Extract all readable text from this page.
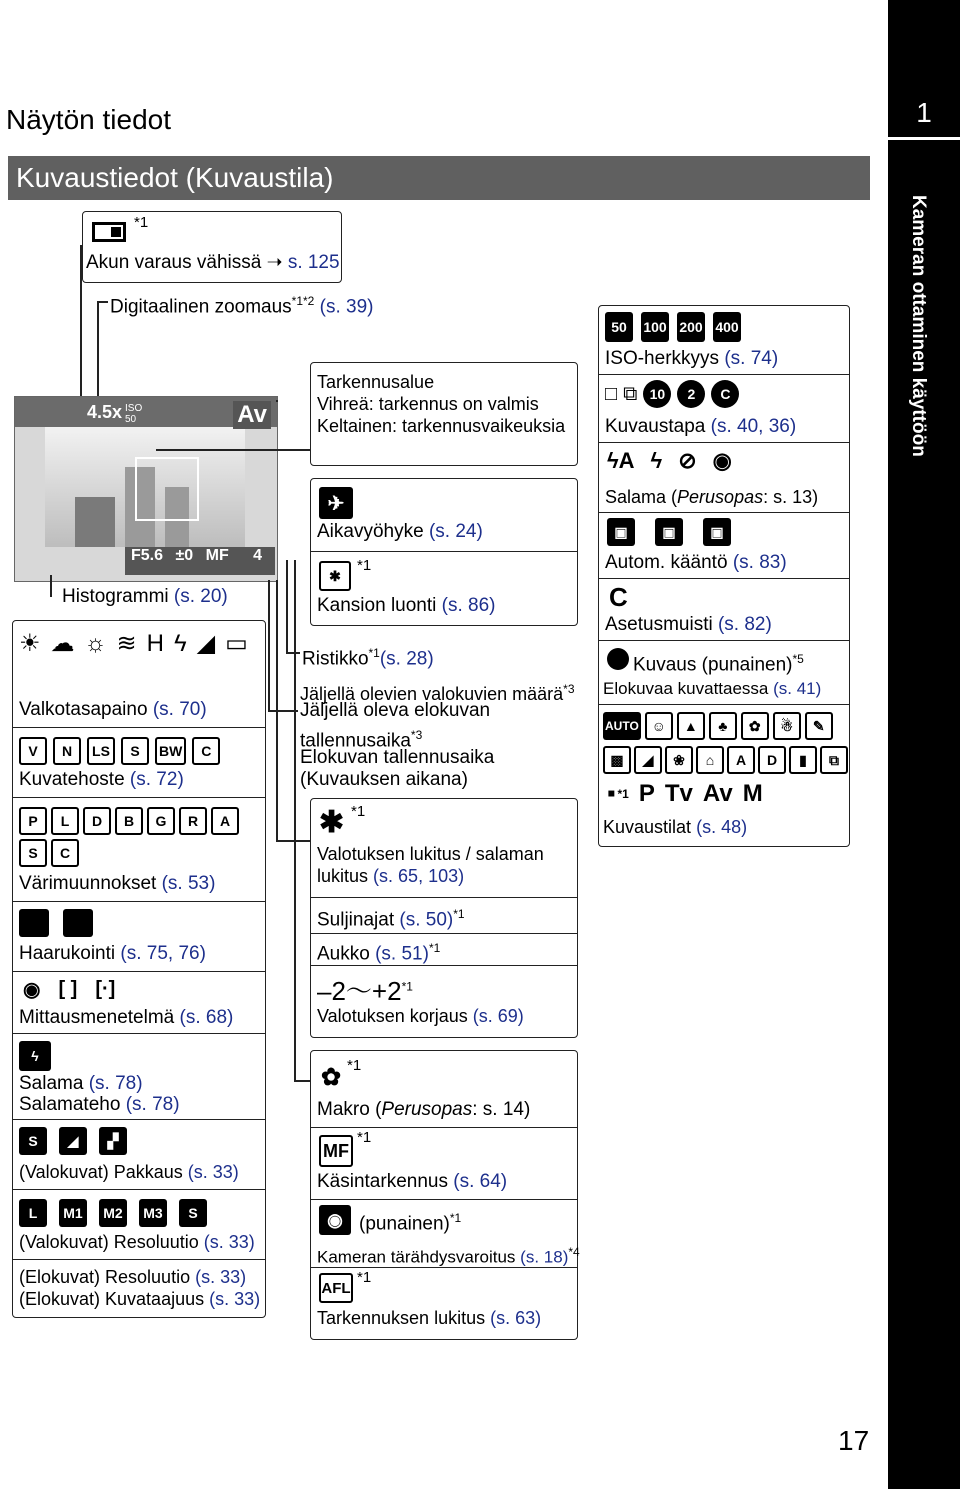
Näytön tiedot
Kuvaustiedot (Kuvaustila)
1
Kameran ottaminen käyttöön
17
*1
Akun varaus vähissä ➝ s. 125
Digitaalinen zoomaus$^{*1*2}$ (s. 39)
4.5x ISO 50	Av
F5.6 ±0 MF 4
Histogrammi (s. 20)
☀ ☁ ☼ ≋ H ϟ ◢ ▭
Valkotasapaino (s. 70)
V	N	LS	S	BW	C
Kuvatehoste (s. 72)
P	L	D	B	G	R	A
S	C
Värimuunnokset (s. 53)
Haarukointi (s. 75, 76)
◉ [ ] [·]
Mittausmenetelmä (s. 68)
ϟ
Salama (s. 78)
Salamateho (s. 78)
S	◢	▞
(Valokuvat) Pakkaus (s. 33)
L	M1	M2	M3	S
(Valokuvat) Resoluutio (s. 33)
(Elokuvat) Resoluutio (s. 33)
(Elokuvat) Kuvataajuus (s. 33)
Tarkennusalue
Vihreä: tarkennus on valmis
Keltainen: tarkennusvaikeuksia
✈
Aikavyöhyke (s. 24)
✱
*1
Kansion luonti (s. 86)
Ristikko$^{*1}$(s. 28)
Jäljellä olevien valokuvien määrä$^{*3}$
Jäljellä oleva elokuvan
tallennusaika$^{*3}$
Elokuvan tallennusaika
(Kuvauksen aikana)
✱ *1
Valotuksen lukitus / salaman
lukitus (s. 65, 103)
Suljinajat (s. 50)$^{*1}$
Aukko (s. 51)$^{*1}$
$-2\sim+2^{*1}$
Valotuksen korjaus (s. 69)
✿ *1
Makro (Perusopas: s. 14)
MF
*1
Käsintarkennus (s. 64)
◉ (punainen)$^{*1}$
Kameran tärähdysvaroitus (s. 18)$^{*4}$
AFL
*1
Tarkennuksen lukitus (s. 63)
50	100 200 400
ISO-herkkyys (s. 74)
□ ⧉ 10	2	C
Kuvaustapa (s. 40, 36)
ϟA ϟ ⊘ ◉
Salama (Perusopas: s. 13)
▣	▣	▣
Autom. kääntö (s. 83)
C
Asetusmuisti (s. 82)
Kuvaus (punainen)$^{*5}$
Elokuvaa kuvattaessa (s. 41)
AUTO ☺	▲	♣	✿	☃	✎
▩	◢	❀	⌂	A	D	▮	⧉
▪ *1 P Tv Av M
Kuvaustilat (s. 48)
